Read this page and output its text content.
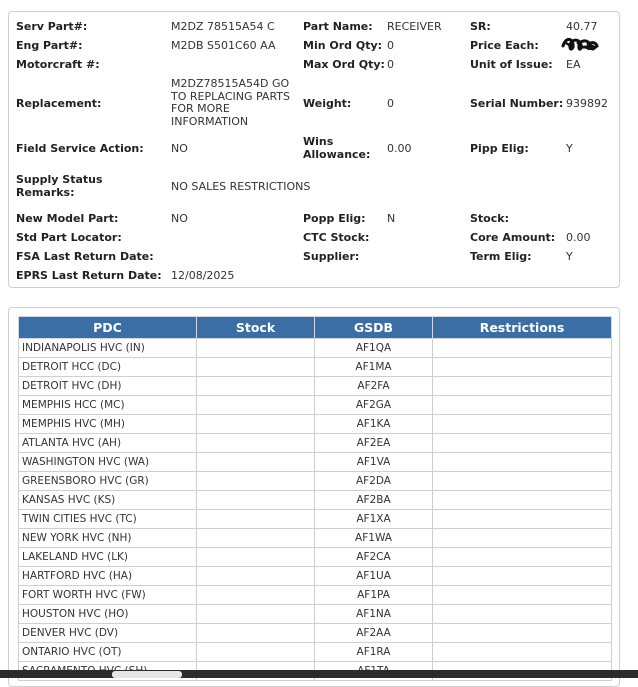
Serv Part#:	M2DZ 78515A54 C
Eng Part#:	M2DB S501C60 AA
Motorcraft #:
Replacement:
M2DZ78515A54D GO TO REPLACING PARTS FOR MORE INFORMATION
Field Service Action: NO
Supply Status Remarks:	NO SALES RESTRICTIONS
New Model Part:	NO
Std Part Locator:
FSA Last Return Date:
EPRS Last Return Date: 12/08/2025
Part Name: RECEIVER
Min Ord Qty: 0
Max Ord Qty: 0
Weight:	0
Wins Allowance:	0.00
Popp Elig: N
CTC Stock:
Supplier:
SR:	40.77
Price Each:
Unit of Issue: EA
Serial Number: 939892
Pipp Elig:	Y
Stock:
Core Amount: 0.00
Term Elig:	Y
PDC	Stock	GSDB	Restrictions
INDIANAPOLIS HVC (IN)		AF1QA	
DETROIT HCC (DC)		AF1MA	
DETROIT HVC (DH)		AF2FA	
MEMPHIS HCC (MC)		AF2GA	
MEMPHIS HVC (MH)		AF1KA	
ATLANTA HVC (AH)		AF2EA	
WASHINGTON HVC (WA)		AF1VA	
GREENSBORO HVC (GR)		AF2DA	
KANSAS HVC (KS)		AF2BA	
TWIN CITIES HVC (TC)		AF1XA	
NEW YORK HVC (NH)		AF1WA	
LAKELAND HVC (LK)		AF2CA	
HARTFORD HVC (HA)		AF1UA	
FORT WORTH HVC (FW)		AF1PA	
HOUSTON HVC (HO)		AF1NA	
DENVER HVC (DV)		AF2AA	
ONTARIO HVC (OT)		AF1RA	
